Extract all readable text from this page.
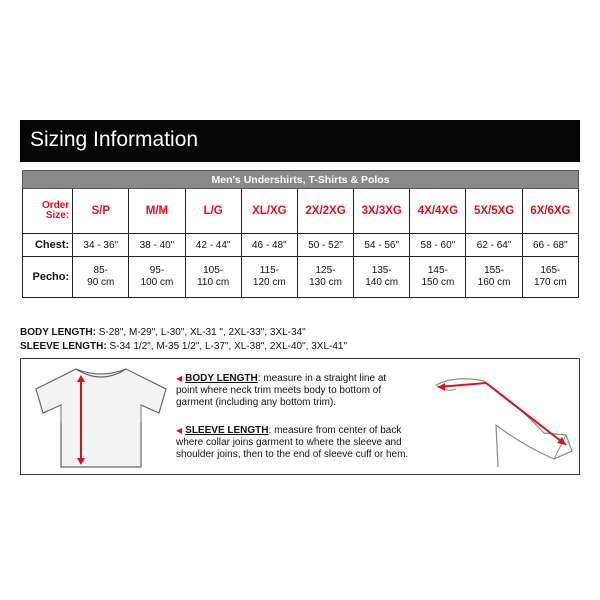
Sizing Information
Men's Undershirts, T-Shirts & Polos									
Order
Size:	S/P	M/M	L/G	XL/XG	2X/2XG	3X/3XG	4X/4XG	5X/5XG	6X/6XG
Chest:	34 - 36"	38 - 40"	42 - 44"	46 - 48"	50 - 52"	54 - 56"	58 - 60"	62 - 64"	66 - 68"
Pecho:	85-
90 cm	95-
100 cm	105-
110 cm	115-
120 cm	125-
130 cm	135-
140 cm	145-
150 cm	155-
160 cm	165-
170 cm
BODY LENGTH: S-28", M-29", L-30", XL-31 ", 2XL-33", 3XL-34"
SLEEVE LENGTH: S-34 1/2", M-35 1/2", L-37", XL-38", 2XL-40", 3XL-41"
◀ BODY LENGTH: measure in a straight line at
point where neck trim meets body to bottom of
garment (including any bottom trim).
◀ SLEEVE LENGTH: measure from center of back
where collar joins garment to where the sleeve and
shoulder joins, then to the end of sleeve cuff or hem.
